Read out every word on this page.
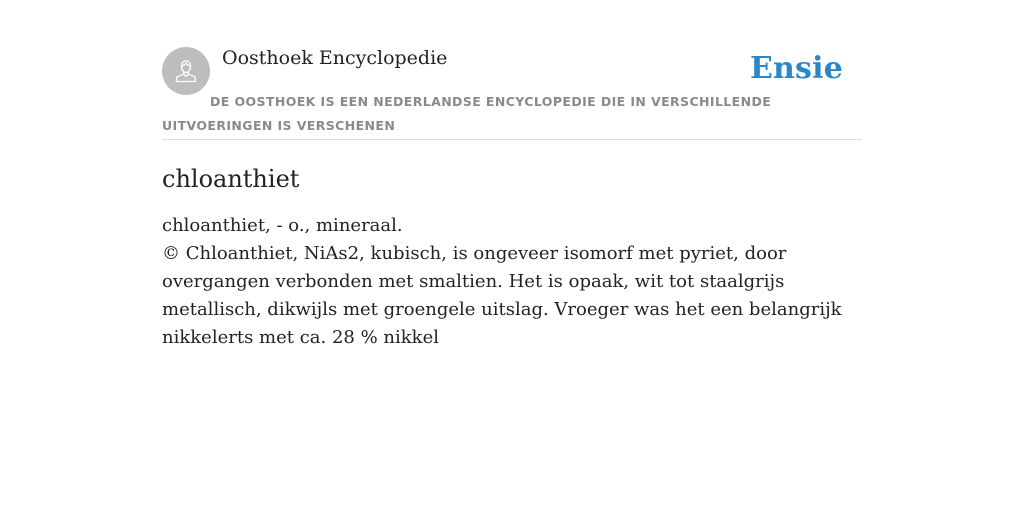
Oosthoek Encyclopedie	Ensie
DE OOSTHOEK IS EEN NEDERLANDSE ENCYCLOPEDIE DIE IN VERSCHILLENDE UITVOERINGEN IS VERSCHENEN
chloanthiet

chloanthiet, - o., mineraal.

© Chloanthiet, NiAs2, kubisch, is ongeveer isomorf met pyriet, door overgangen verbonden met smaltien. Het is opaak, wit tot staalgrijs metallisch, dikwijls met groengele uitslag. Vroeger was het een belangrijk nikkelerts met ca. 28 % nikkel
